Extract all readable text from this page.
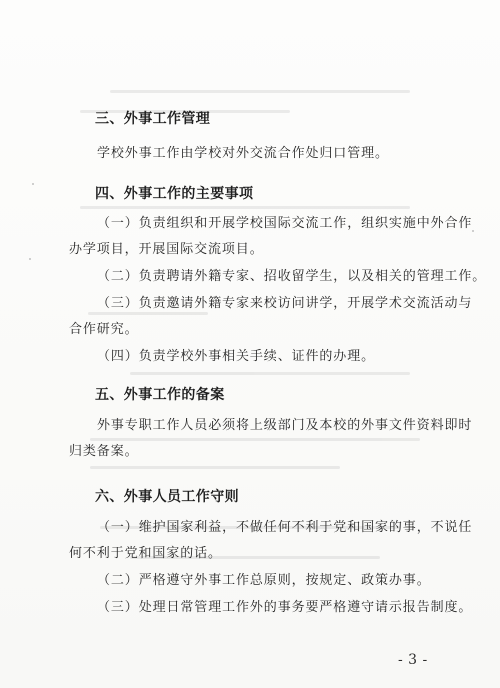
三、外事工作管理
学校外事工作由学校对外交流合作处归口管理。
四、外事工作的主要事项
（一）负责组织和开展学校国际交流工作，组织实施中外合作
办学项目，开展国际交流项目。
（二）负责聘请外籍专家、招收留学生，以及相关的管理工作。
（三）负责邀请外籍专家来校访问讲学，开展学术交流活动与
合作研究。
（四）负责学校外事相关手续、证件的办理。
五、外事工作的备案
外事专职工作人员必须将上级部门及本校的外事文件资料即时
归类备案。
六、外事人员工作守则
（一）维护国家利益，不做任何不利于党和国家的事，不说任
何不利于党和国家的话。
（二）严格遵守外事工作总原则，按规定、政策办事。
（三）处理日常管理工作外的事务要严格遵守请示报告制度。
- 3 -
